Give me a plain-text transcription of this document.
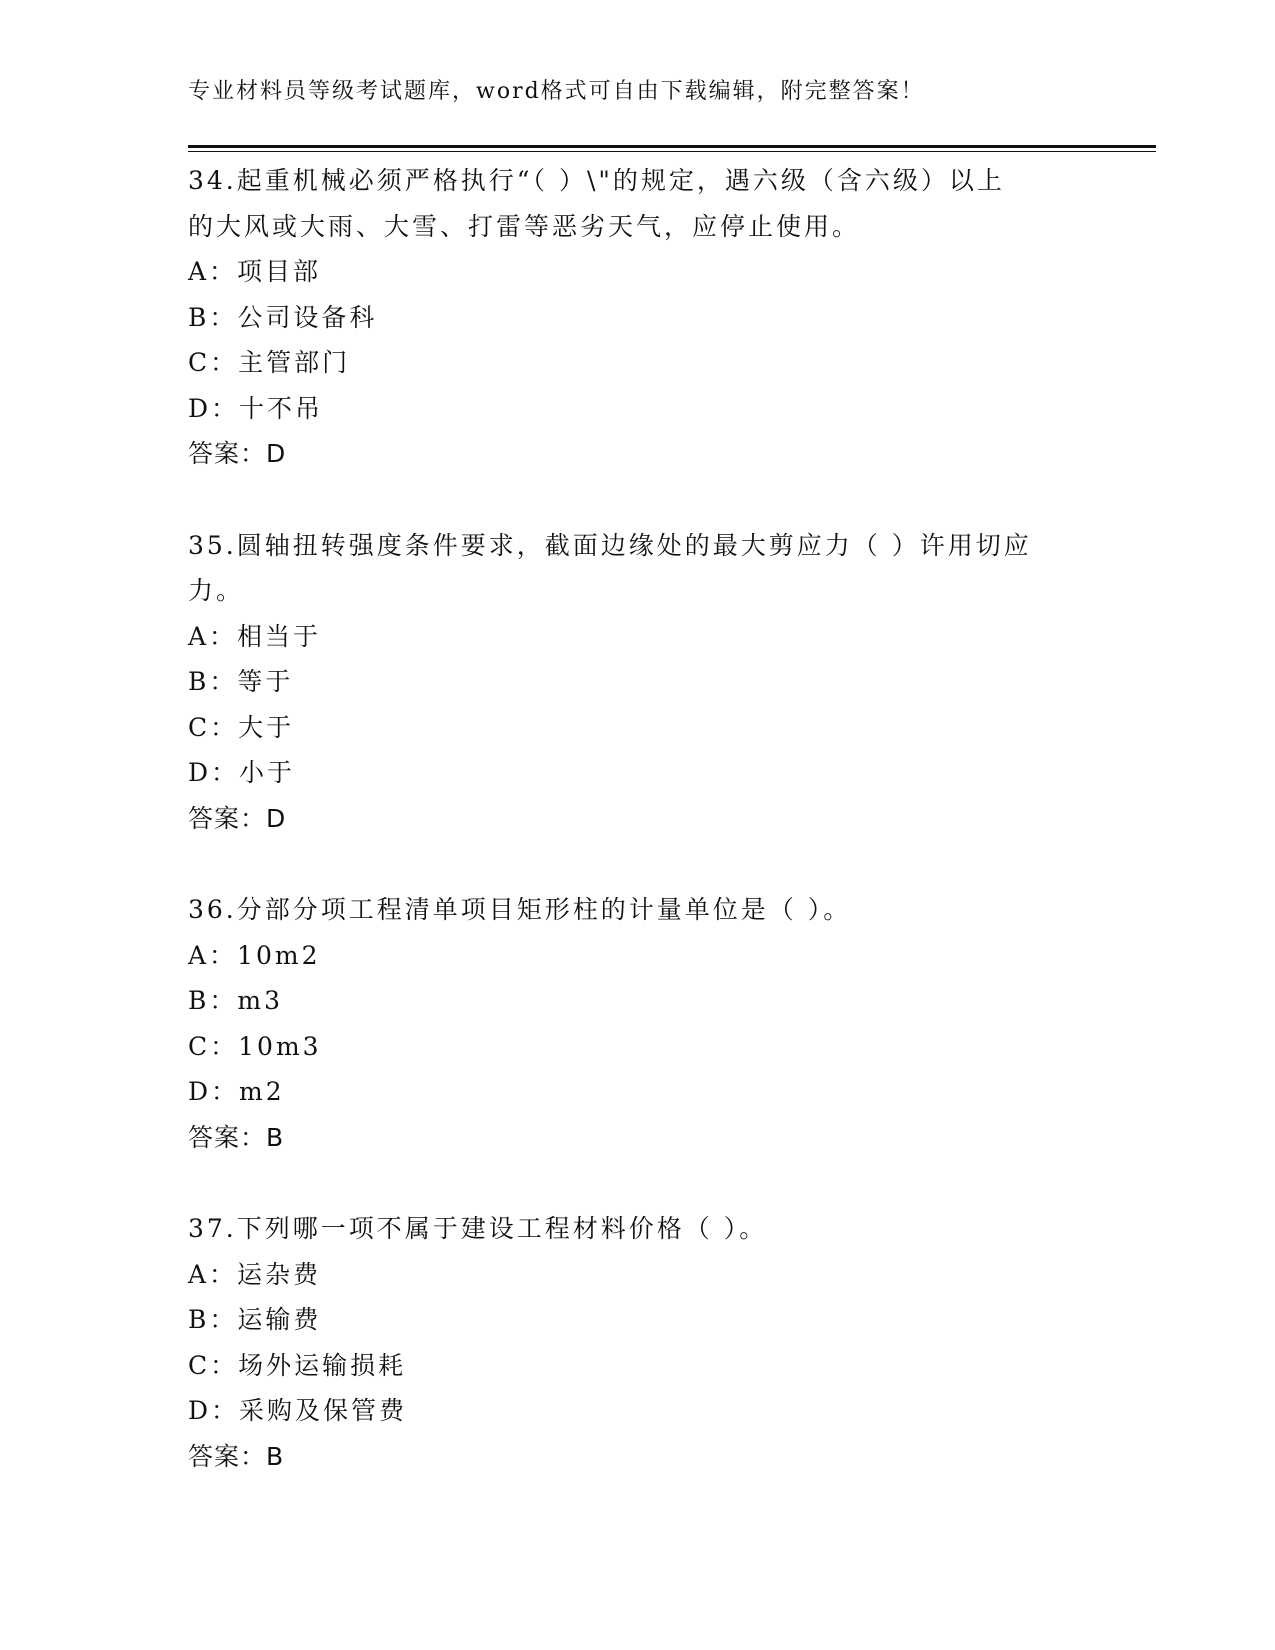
专业材料员等级考试题库，word格式可自由下载编辑，附完整答案！
34.起重机械必须严格执行“（ ）\"的规定，遇六级（含六级）以上
的大风或大雨、大雪、打雷等恶劣天气，应停止使用。
A：项目部
B：公司设备科
C：主管部门
D：十不吊
答案：D
35.圆轴扭转强度条件要求，截面边缘处的最大剪应力（ ）许用切应
力。
A：相当于
B：等于
C：大于
D：小于
答案：D
36.分部分项工程清单项目矩形柱的计量单位是（ ）。
A：10m2
B：m3
C：10m3
D：m2
答案：B
37.下列哪一项不属于建设工程材料价格（ ）。
A：运杂费
B：运输费
C：场外运输损耗
D：采购及保管费
答案：B
